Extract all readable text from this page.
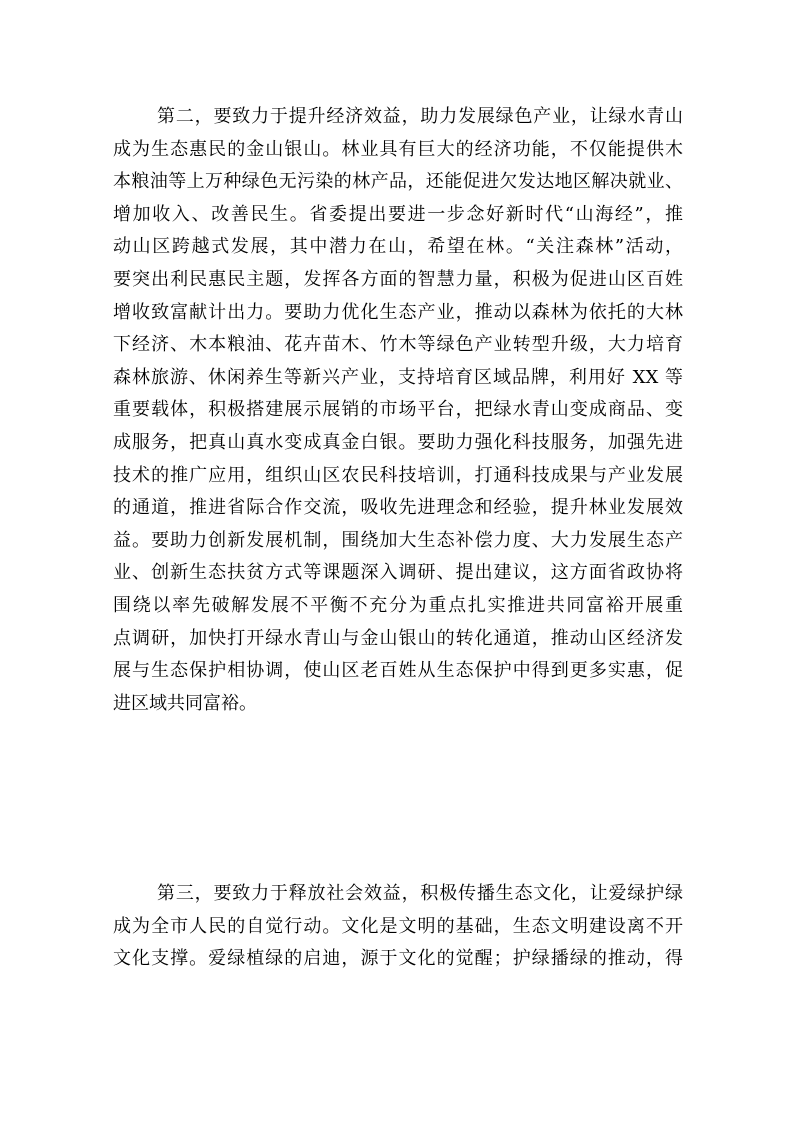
第二，要致力于提升经济效益，助力发展绿色产业，让绿水青山
成为生态惠民的金山银山。林业具有巨大的经济功能，不仅能提供木
本粮油等上万种绿色无污染的林产品，还能促进欠发达地区解决就业、
增加收入、改善民生。省委提出要进一步念好新时代“山海经”，推
动山区跨越式发展，其中潜力在山，希望在林。“关注森林”活动，
要突出利民惠民主题，发挥各方面的智慧力量，积极为促进山区百姓
增收致富献计出力。要助力优化生态产业，推动以森林为依托的大林
下经济、木本粮油、花卉苗木、竹木等绿色产业转型升级，大力培育
森林旅游、休闲养生等新兴产业，支持培育区域品牌，利用好 XX 等
重要载体，积极搭建展示展销的市场平台，把绿水青山变成商品、变
成服务，把真山真水变成真金白银。要助力强化科技服务，加强先进
技术的推广应用，组织山区农民科技培训，打通科技成果与产业发展
的通道，推进省际合作交流，吸收先进理念和经验，提升林业发展效
益。要助力创新发展机制，围绕加大生态补偿力度、大力发展生态产
业、创新生态扶贫方式等课题深入调研、提出建议，这方面省政协将
围绕以率先破解发展不平衡不充分为重点扎实推进共同富裕开展重
点调研，加快打开绿水青山与金山银山的转化通道，推动山区经济发
展与生态保护相协调，使山区老百姓从生态保护中得到更多实惠，促
进区域共同富裕。
第三，要致力于释放社会效益，积极传播生态文化，让爱绿护绿
成为全市人民的自觉行动。文化是文明的基础，生态文明建设离不开
文化支撑。爱绿植绿的启迪，源于文化的觉醒；护绿播绿的推动，得
